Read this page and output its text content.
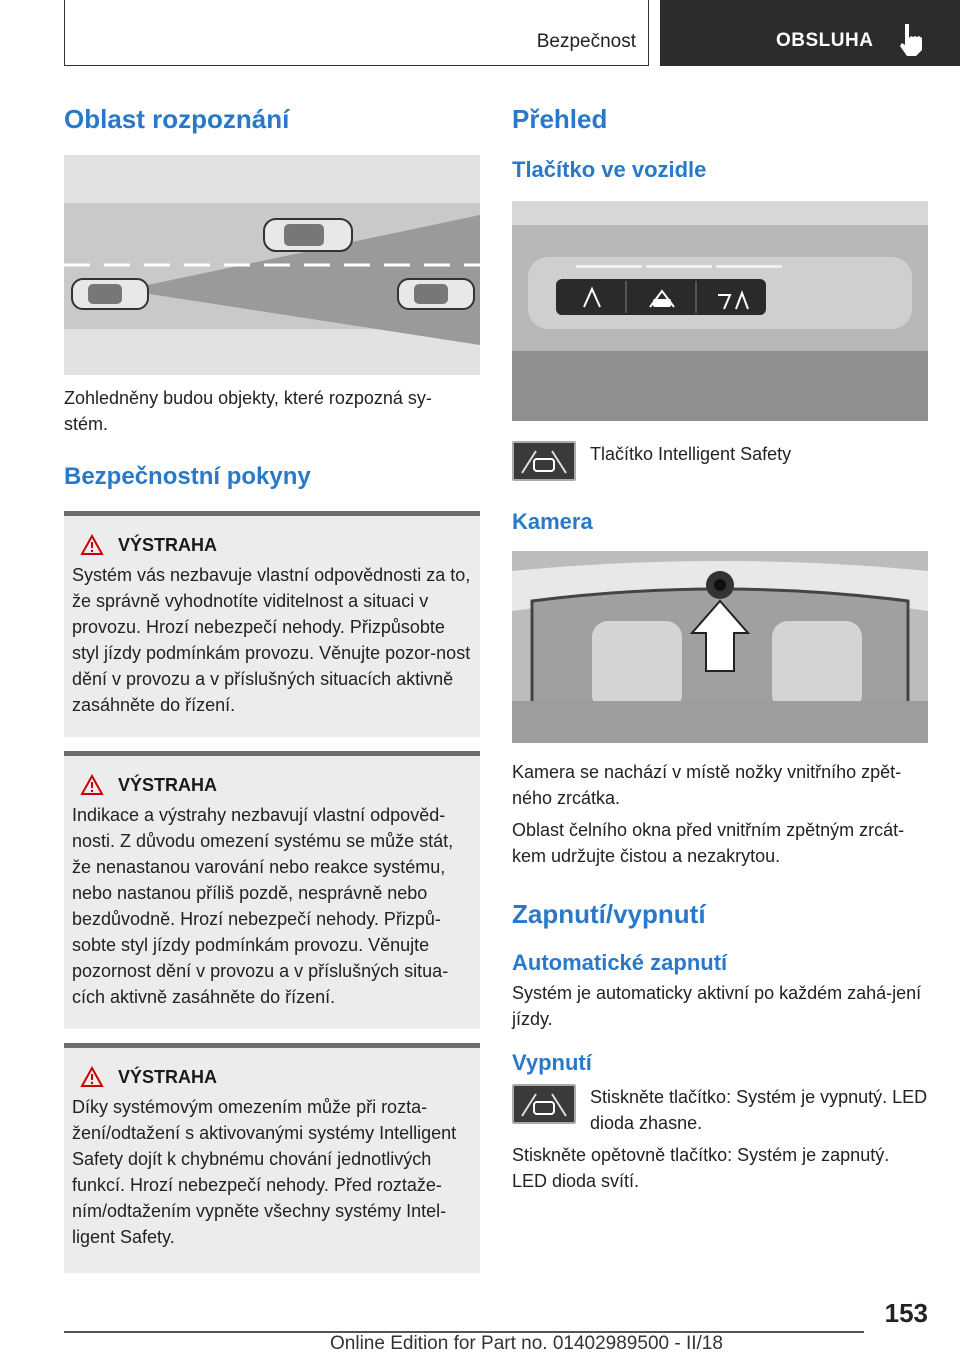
Bezpečnost	OBSLUHA
Oblast rozpoznání
Zohledněny budou objekty, které rozpozná sy-
stém.
Bezpečnostní pokyny
VÝSTRAHA
Systém vás nezbavuje vlastní odpovědnosti za to, že správně vyhodnotíte viditelnost a situaci v provozu. Hrozí nebezpečí nehody. Přizpůsobte styl jízdy podmínkám provozu. Věnujte pozor-nost dění v provozu a v příslušných situacích aktivně zasáhněte do řízení.
VÝSTRAHA
Indikace a výstrahy nezbavují vlastní odpověd-nosti. Z důvodu omezení systému se může stát, že nenastanou varování nebo reakce systému, nebo nastanou příliš pozdě, nesprávně nebo bezdůvodně. Hrozí nebezpečí nehody. Přizpů-sobte styl jízdy podmínkám provozu. Věnujte pozornost dění v provozu a v příslušných situa-cích aktivně zasáhněte do řízení.
VÝSTRAHA
Díky systémovým omezením může při rozta-žení/odtažení s aktivovanými systémy Intelligent Safety dojít k chybnému chování jednotlivých funkcí. Hrozí nebezpečí nehody. Před roztaže-ním/odtažením vypněte všechny systémy Intel-ligent Safety.
Přehled
Tlačítko ve vozidle
Tlačítko Intelligent Safety
Kamera
Kamera se nachází v místě nožky vnitřního zpět-ného zrcátka.
Oblast čelního okna před vnitřním zpětným zrcát-kem udržujte čistou a nezakrytou.
Zapnutí/vypnutí
Automatické zapnutí
Systém je automaticky aktivní po každém zahá-jení jízdy.
Vypnutí
Stiskněte tlačítko: Systém je vypnutý. LED dioda zhasne.
Stiskněte opětovně tlačítko: Systém je zapnutý. LED dioda svítí.
153
Online Edition for Part no. 01402989500 - II/18
